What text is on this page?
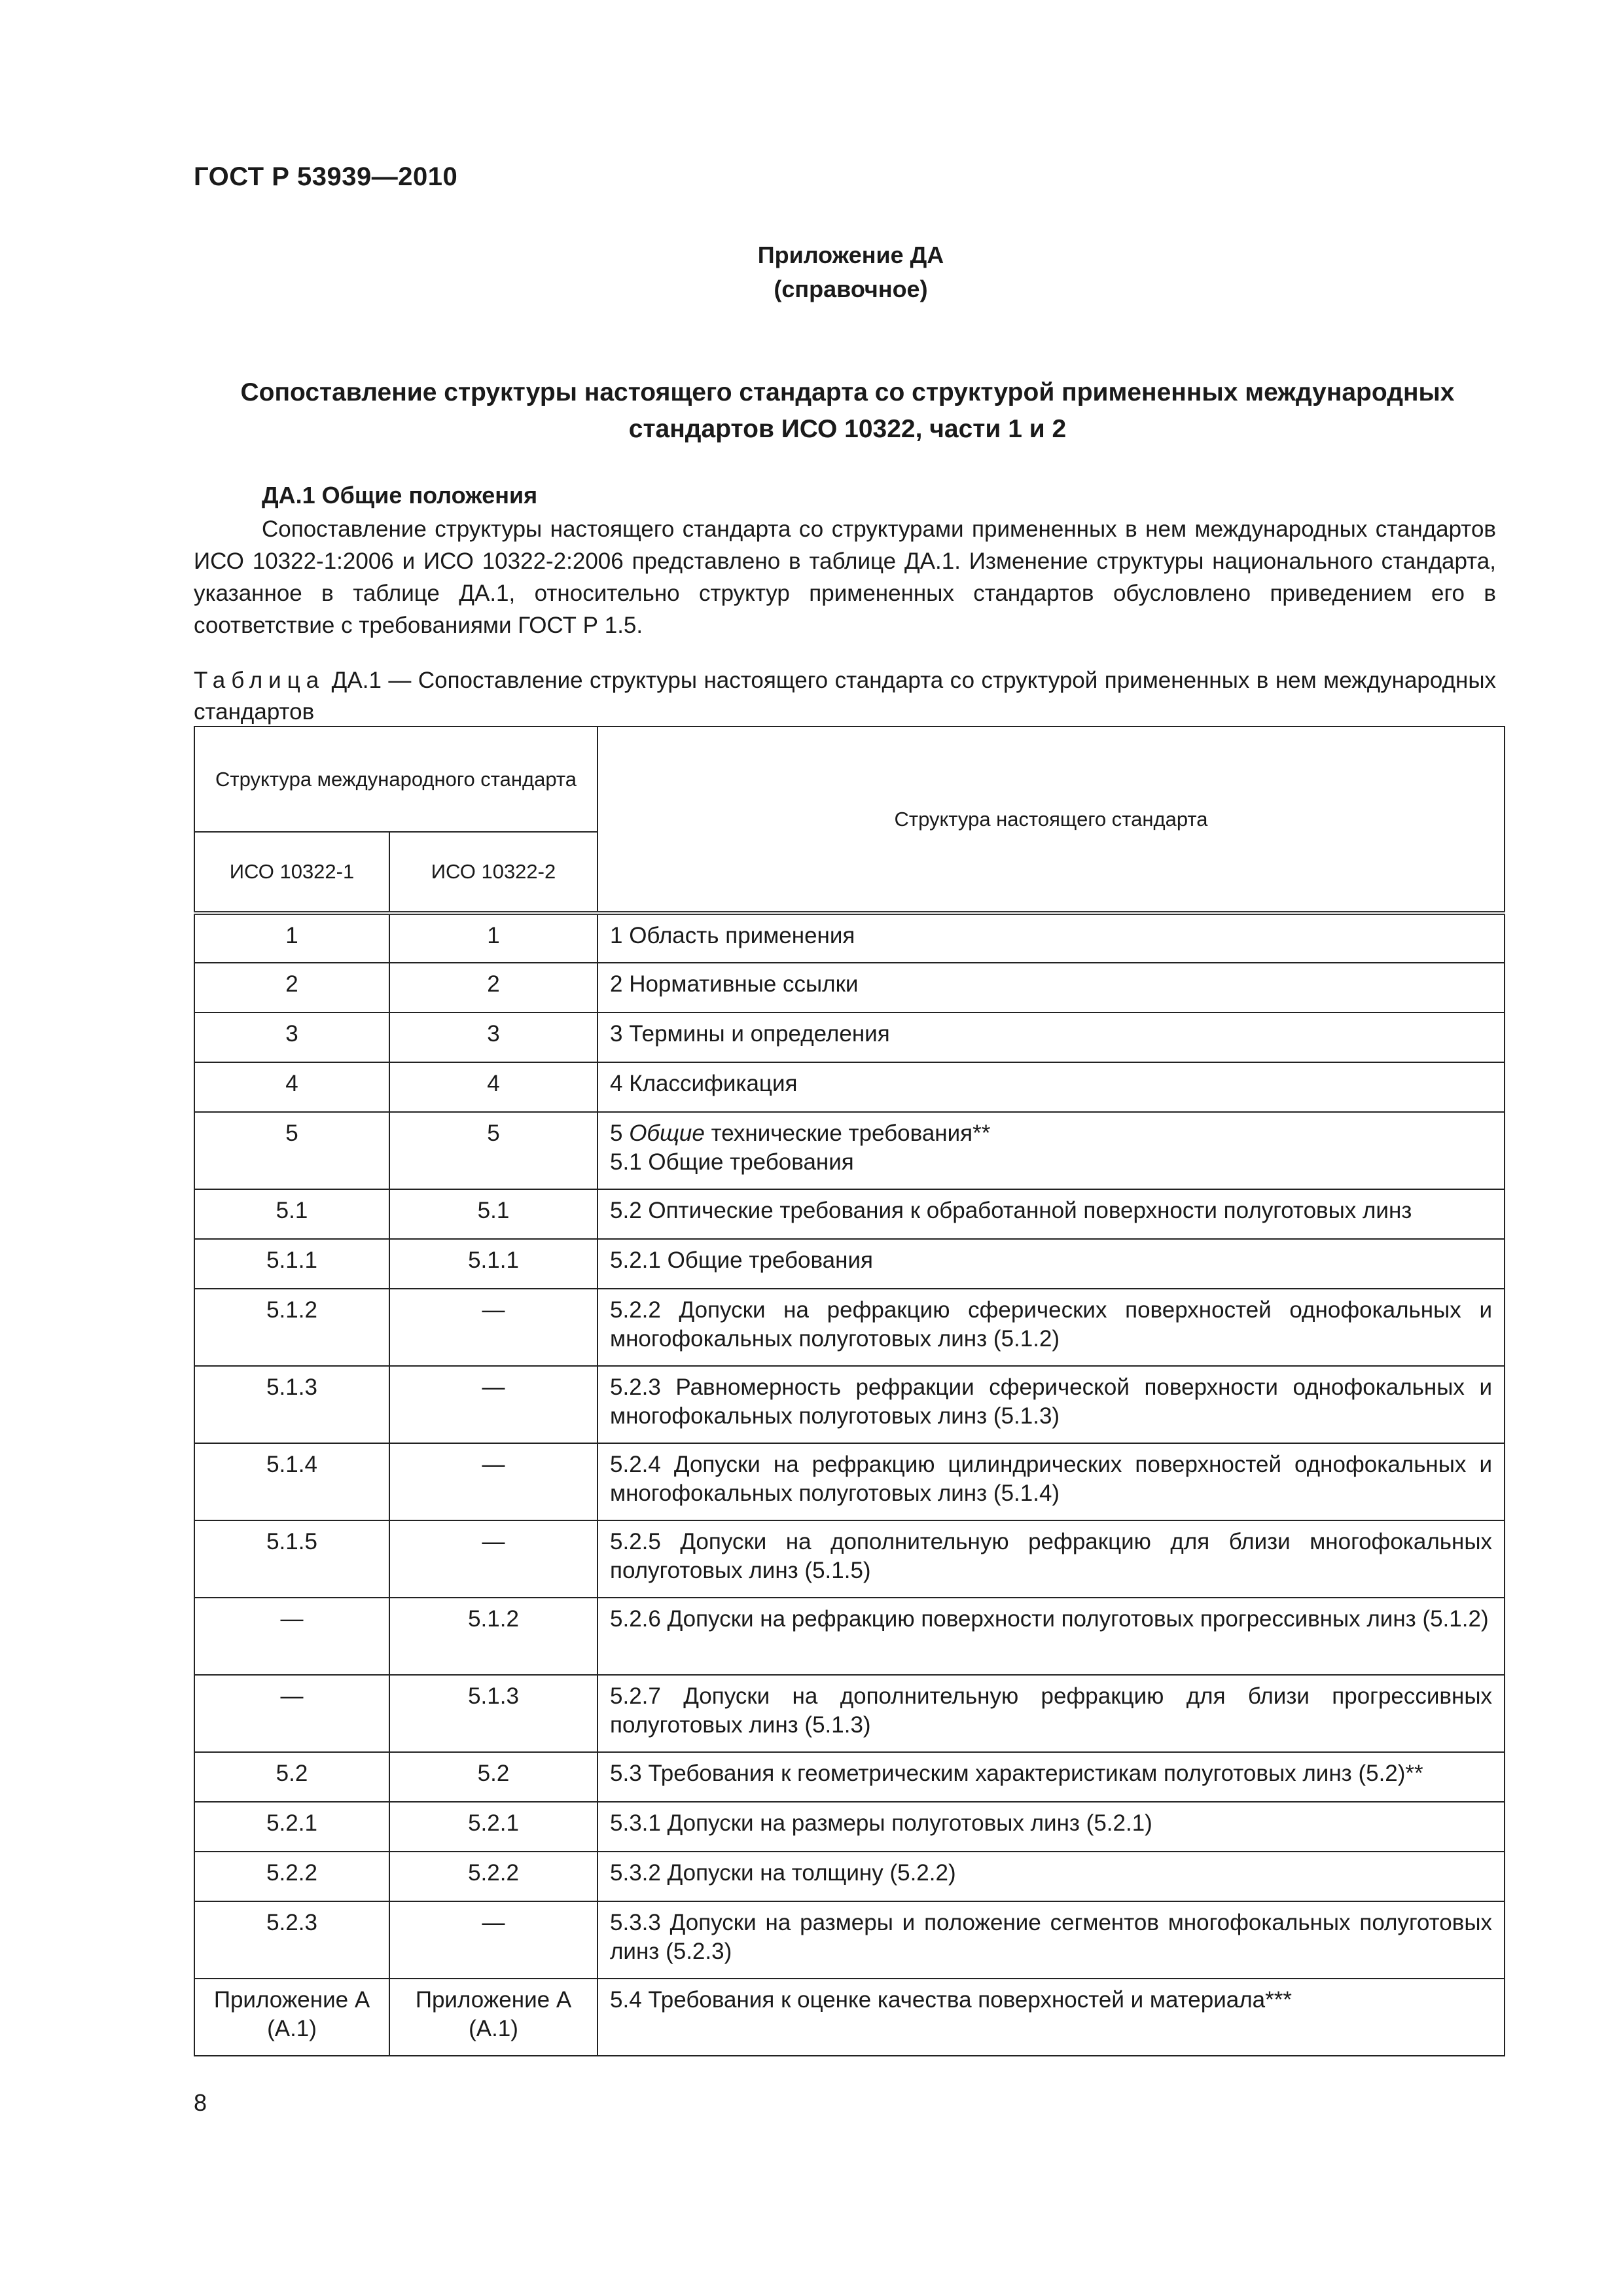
ГОСТ Р 53939—2010
Приложение ДА
(справочное)
Сопоставление структуры настоящего стандарта со структурой примененных международных стандартов ИСО 10322, части 1 и 2
ДА.1 Общие положения
Сопоставление структуры настоящего стандарта со структурами примененных в нем международных стандартов ИСО 10322-1:2006 и ИСО 10322-2:2006 представлено в таблице ДА.1. Изменение структуры национального стандарта, указанное в таблице ДА.1, относительно структур примененных стандартов обусловлено приведением его в соответствие с требованиями ГОСТ Р 1.5.
Таблица ДА.1 — Сопоставление структуры настоящего стандарта со структурой примененных в нем международных стандартов
Структура международного стандарта		Структура настоящего стандарта
ИСО 10322-1	ИСО 10322-2	
1	1	1 Область применения

2	2	2 Нормативные ссылки

3	3	3 Термины и определения

4	4	4 Классификация

5	5	5 Общие технические требования**
5.1 Общие требования

5.1	5.1	5.2 Оптические требования к обработанной поверхности полуготовых линз

5.1.1	5.1.1	5.2.1 Общие требования

5.1.2	—	5.2.2 Допуски на рефракцию сферических поверхностей однофокальных и многофокальных полуготовых линз (5.1.2)

5.1.3	—	5.2.3 Равномерность рефракции сферической поверхности однофокальных и многофокальных полуготовых линз (5.1.3)

5.1.4	—	5.2.4 Допуски на рефракцию цилиндрических поверхностей однофокальных и многофокальных полуготовых линз (5.1.4)

5.1.5	—	5.2.5 Допуски на дополнительную рефракцию для близи многофокальных полуготовых линз (5.1.5)

—	5.1.2	5.2.6 Допуски на рефракцию поверхности полуготовых прогрессивных линз (5.1.2)

—	5.1.3	5.2.7 Допуски на дополнительную рефракцию для близи прогрессивных полуготовых линз (5.1.3)

5.2	5.2	5.3 Требования к геометрическим характеристикам полуготовых линз (5.2)**

5.2.1	5.2.1	5.3.1 Допуски на размеры полуготовых линз (5.2.1)

5.2.2	5.2.2	5.3.2 Допуски на толщину (5.2.2)

5.2.3	—	5.3.3 Допуски на размеры и положение сегментов многофокальных полуготовых линз (5.2.3)

Приложение А (А.1)	Приложение А (А.1)	5.4 Требования к оценке качества поверхностей и материала***
8
